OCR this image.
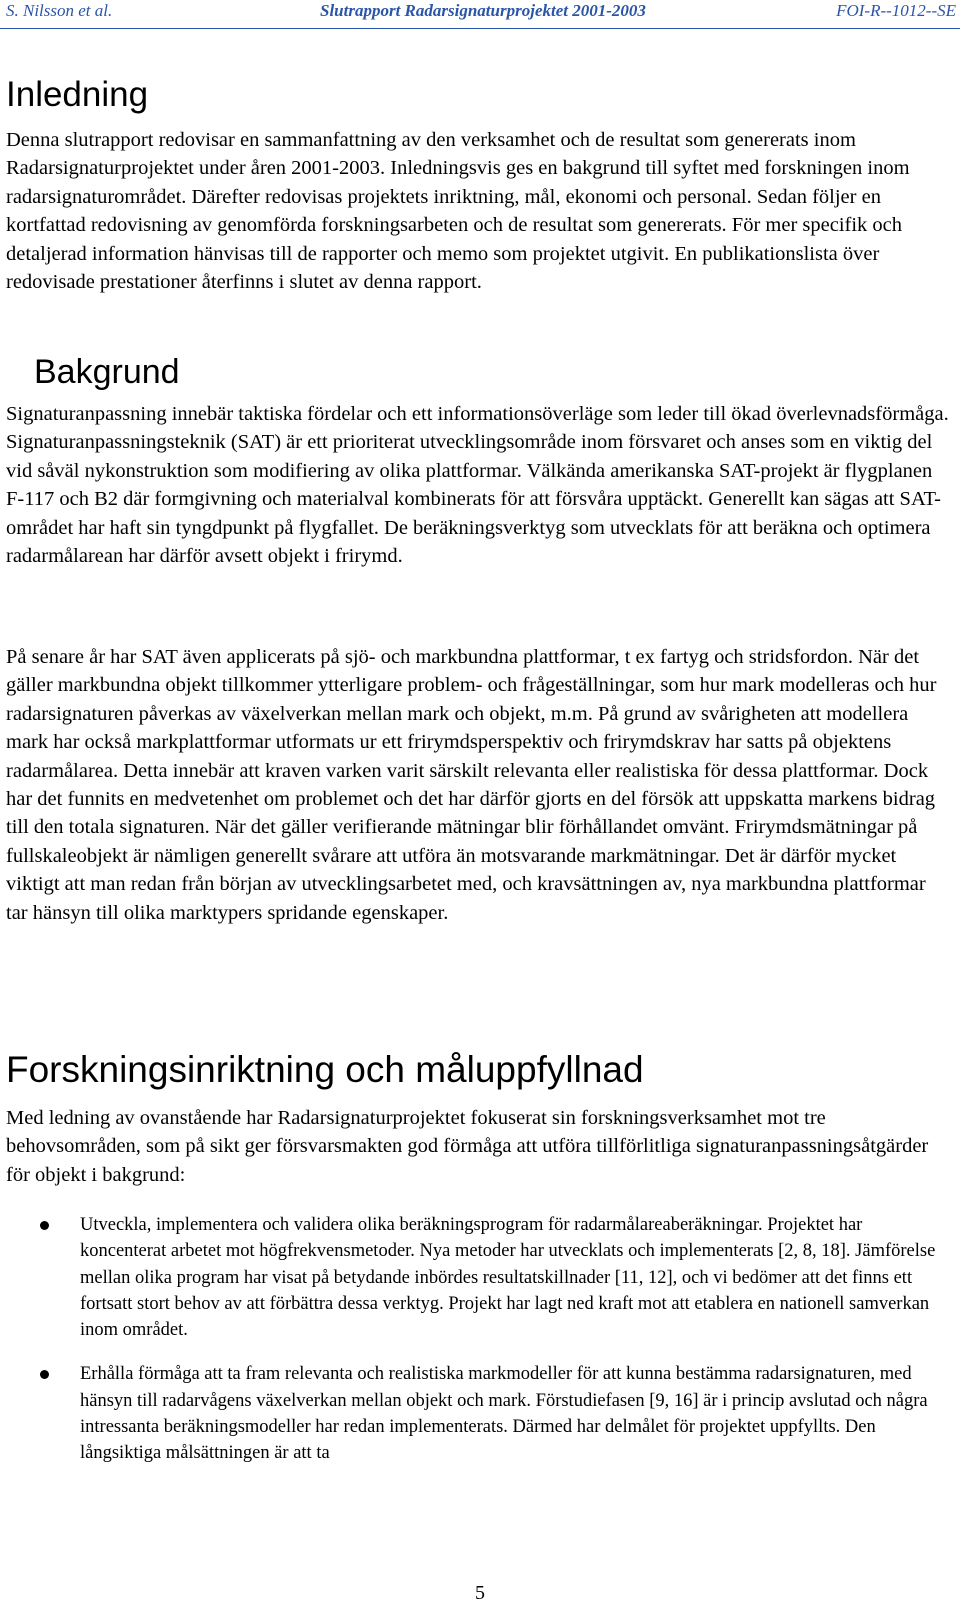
S. Nilsson et al.	Slutrapport Radarsignaturprojektet 2001-2003	FOI-R--1012--SE
Inledning

Denna slutrapport redovisar en sammanfattning av den verksamhet och de resultat som genererats inom Radarsignaturprojektet under åren 2001-2003. Inledningsvis ges en bakgrund till syftet med forskningen inom radarsignaturområdet. Därefter redovisas projektets inriktning, mål, ekonomi och personal. Sedan följer en kortfattad redovisning av genomförda forskningsarbeten och de resultat som genererats. För mer specifik och detaljerad information hänvisas till de rapporter och memo som projektet utgivit. En publikationslista över redovisade prestationer återfinns i slutet av denna rapport.

Bakgrund

Signaturanpassning innebär taktiska fördelar och ett informationsöverläge som leder till ökad överlevnadsförmåga. Signaturanpassningsteknik (SAT) är ett prioriterat utvecklingsområde inom försvaret och anses som en viktig del vid såväl nykonstruktion som modifiering av olika plattformar. Välkända amerikanska SAT-projekt är flygplanen F-117 och B2 där formgivning och materialval kombinerats för att försvåra upptäckt. Generellt kan sägas att SAT-området har haft sin tyngdpunkt på flygfallet. De beräkningsverktyg som utvecklats för att beräkna och optimera radarmålarean har därför avsett objekt i frirymd.

På senare år har SAT även applicerats på sjö- och markbundna plattformar, t ex fartyg och stridsfordon. När det gäller markbundna objekt tillkommer ytterligare problem- och frågeställningar, som hur mark modelleras och hur radarsignaturen påverkas av växelverkan mellan mark och objekt, m.m. På grund av svårigheten att modellera mark har också markplattformar utformats ur ett frirymdsperspektiv och frirymdskrav har satts på objektens radarmålarea. Detta innebär att kraven varken varit särskilt relevanta eller realistiska för dessa plattformar. Dock har det funnits en medvetenhet om problemet och det har därför gjorts en del försök att uppskatta markens bidrag till den totala signaturen. När det gäller verifierande mätningar blir förhållandet omvänt. Frirymdsmätningar på fullskaleobjekt är nämligen generellt svårare att utföra än motsvarande markmätningar. Det är därför mycket viktigt att man redan från början av utvecklingsarbetet med, och kravsättningen av, nya markbundna plattformar tar hänsyn till olika marktypers spridande egenskaper.

Forskningsinriktning och måluppfyllnad

Med ledning av ovanstående har Radarsignaturprojektet fokuserat sin forskningsverksamhet mot tre behovsområden, som på sikt ger försvarsmakten god förmåga att utföra tillförlitliga signaturanpassningsåtgärder för objekt i bakgrund:

Utveckla, implementera och validera olika beräkningsprogram för radarmålareaberäkningar. Projektet har koncenterat arbetet mot högfrekvensmetoder. Nya metoder har utvecklats och implementerats [2, 8, 18]. Jämförelse mellan olika program har visat på betydande inbördes resultatskillnader [11, 12], och vi bedömer att det finns ett fortsatt stort behov av att förbättra dessa verktyg. Projekt har lagt ned kraft mot att etablera en nationell samverkan inom området.
Erhålla förmåga att ta fram relevanta och realistiska markmodeller för att kunna bestämma radarsignaturen, med hänsyn till radarvågens växelverkan mellan objekt och mark. Förstudiefasen [9, 16] är i princip avslutad och några intressanta beräkningsmodeller har redan implementerats. Därmed har delmålet för projektet uppfyllts. Den långsiktiga målsättningen är att ta
5
